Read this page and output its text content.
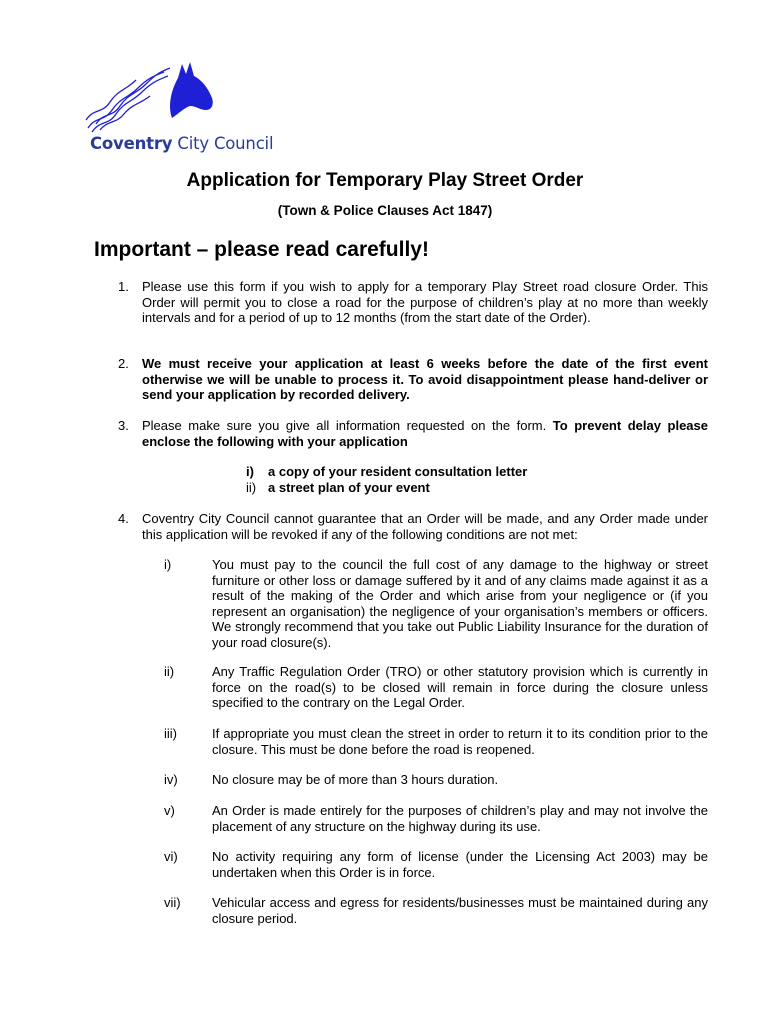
Coventry City Council
Application for Temporary Play Street Order
(Town & Police Clauses Act 1847)
Important – please read carefully!
1. Please use this form if you wish to apply for a temporary Play Street road closure Order. This Order will permit you to close a road for the purpose of children’s play at no more than weekly intervals and for a period of up to 12 months (from the start date of the Order).
2. We must receive your application at least 6 weeks before the date of the first event otherwise we will be unable to process it. To avoid disappointment please hand-deliver or send your application by recorded delivery.
3. Please make sure you give all information requested on the form. To prevent delay please enclose the following with your application
i) a copy of your resident consultation letter
ii) a street plan of your event
4. Coventry City Council cannot guarantee that an Order will be made, and any Order made under this application will be revoked if any of the following conditions are not met:
i)	You must pay to the council the full cost of any damage to the highway or street furniture or other loss or damage suffered by it and of any claims made against it as a result of the making of the Order and which arise from your negligence or (if you represent an organisation) the negligence of your organisation’s members or officers. We strongly recommend that you take out Public Liability Insurance for the duration of your road closure(s).
ii)	Any Traffic Regulation Order (TRO) or other statutory provision which is currently in force on the road(s) to be closed will remain in force during the closure unless specified to the contrary on the Legal Order.
iii)	If appropriate you must clean the street in order to return it to its condition prior to the closure. This must be done before the road is reopened.
iv)	No closure may be of more than 3 hours duration.
v)	An Order is made entirely for the purposes of children’s play and may not involve the placement of any structure on the highway during its use.
vi)	No activity requiring any form of license (under the Licensing Act 2003) may be undertaken when this Order is in force.
vii) Vehicular access and egress for residents/businesses must be maintained during any closure period.
